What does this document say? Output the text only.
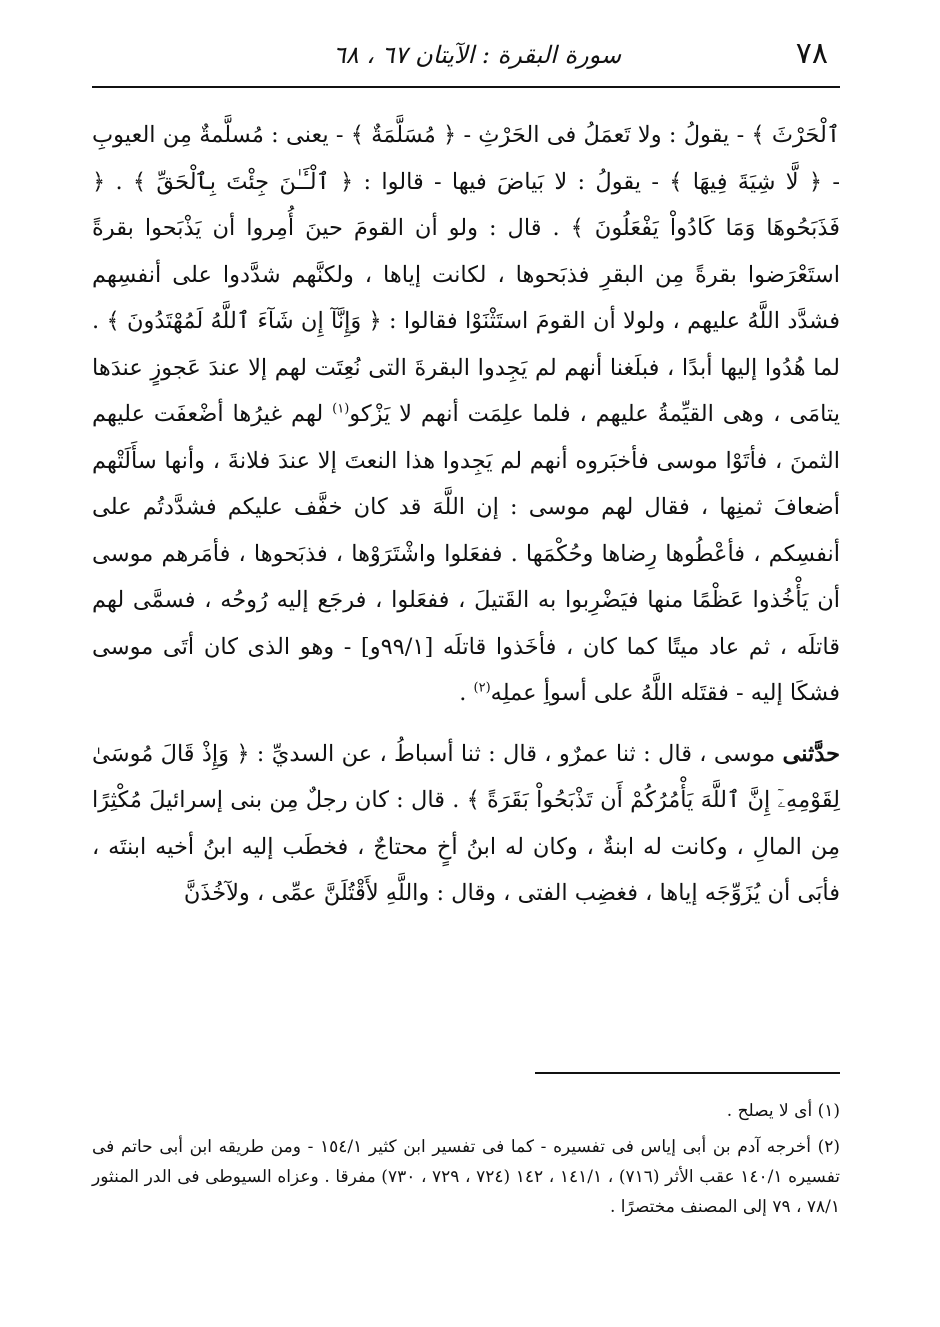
٧٨
سورة البقرة : الآيتان ٦٧ ، ٦٨

ٱلْحَرْثَ ﴾ - يقولُ : ولا تَعمَلُ فى الحَرْثِ - ﴿ مُسَلَّمَةٌ ﴾ - يعنى : مُسلَّمةٌ مِن العيوبِ - ﴿ لَّا شِيَةَ فِيهَا ﴾ - يقولُ : لا بَياضَ فيها - قالوا : ﴿ ٱلْـَٔـٰنَ جِئْتَ بِٱلْحَقِّ ﴾ . ﴿ فَذَبَحُوهَا وَمَا كَادُواْ يَفْعَلُونَ ﴾ . قال : ولو أن القومَ حينَ أُمِروا أن يَذْبَحوا بقرةً استَعْرَضوا بقرةً مِن البقرِ فذبَحوها ، لكانت إياها ، ولكنَّهم شدَّدوا على أنفسِهم فشدَّد اللَّهُ عليهم ، ولولا أن القومَ استَثْنَوْا فقالوا : ﴿ وَإِنَّآ إِن شَآءَ ٱللَّهُ لَمُهْتَدُونَ ﴾ . لما هُدُوا إليها أبدًا ، فبلَغنا أنهم لم يَجِدوا البقرةَ التى نُعِتَت لهم إلا عندَ عَجوزٍ عندَها يتامَى ، وهى القيِّمةُ عليهم ، فلما علِمَت أنهم لا يَزْكو$^{(١)}$ لهم غيرُها أضْعفَت عليهم الثمنَ ، فأتَوْا موسى فأخبَروه أنهم لم يَجِدوا هذا النعتَ إلا عندَ فلانةَ ، وأنها سأَلَتْهم أضعافَ ثمنِها ، فقال لهم موسى : إن اللَّهَ قد كان خفَّف عليكم فشدَّدتُم على أنفسِكم ، فأعْطُوها رِضاها وحُكْمَها . ففعَلوا واشْتَرَوْها ، فذبَحوها ، فأمَرهم موسى أن يَأْخُذوا عَظْمًا منها فيَضْرِبوا به القَتيلَ ، ففعَلوا ، فرجَع إليه رُوحُه ، فسمَّى لهم قاتلَه ، ثم عاد ميتًا كما كان ، فأخَذوا قاتلَه [٩٩/١و] - وهو الذى كان أتَى موسى فشكَا إليه - فقتَله اللَّهُ على أسوأِ عملِه$^{(٢)}$ .

حدَّثنى موسى ، قال : ثنا عمرٌو ، قال : ثنا أسباطُ ، عن السديِّ : ﴿ وَإِذْ قَالَ مُوسَىٰ لِقَوْمِهِۦٓ إِنَّ ٱللَّهَ يَأْمُرُكُمْ أَن تَذْبَحُواْ بَقَرَةً ﴾ . قال : كان رجلٌ مِن بنى إسرائيلَ مُكْثِرًا مِن المالِ ، وكانت له ابنةٌ ، وكان له ابنُ أخٍ محتاجٌ ، فخطَب إليه ابنُ أخيه ابنتَه ، فأبَى أن يُزَوِّجَه إياها ، فغضِب الفتى ، وقال : واللَّهِ لأَقْتُلَنَّ عمِّى ، ولآخُذَنَّ

(١) أى لا يصلح .

(٢) أخرجه آدم بن أبى إياس فى تفسيره - كما فى تفسير ابن كثير ١٥٤/١ - ومن طريقه ابن أبى حاتم فى تفسيره ١٤٠/١ عقب الأثر (٧١٦) ، ١٤١/١ ، ١٤٢ (٧٢٤ ، ٧٢٩ ، ٧٣٠) مفرقا . وعزاه السيوطى فى الدر المنثور ٧٨/١ ، ٧٩ إلى المصنف مختصرًا .
